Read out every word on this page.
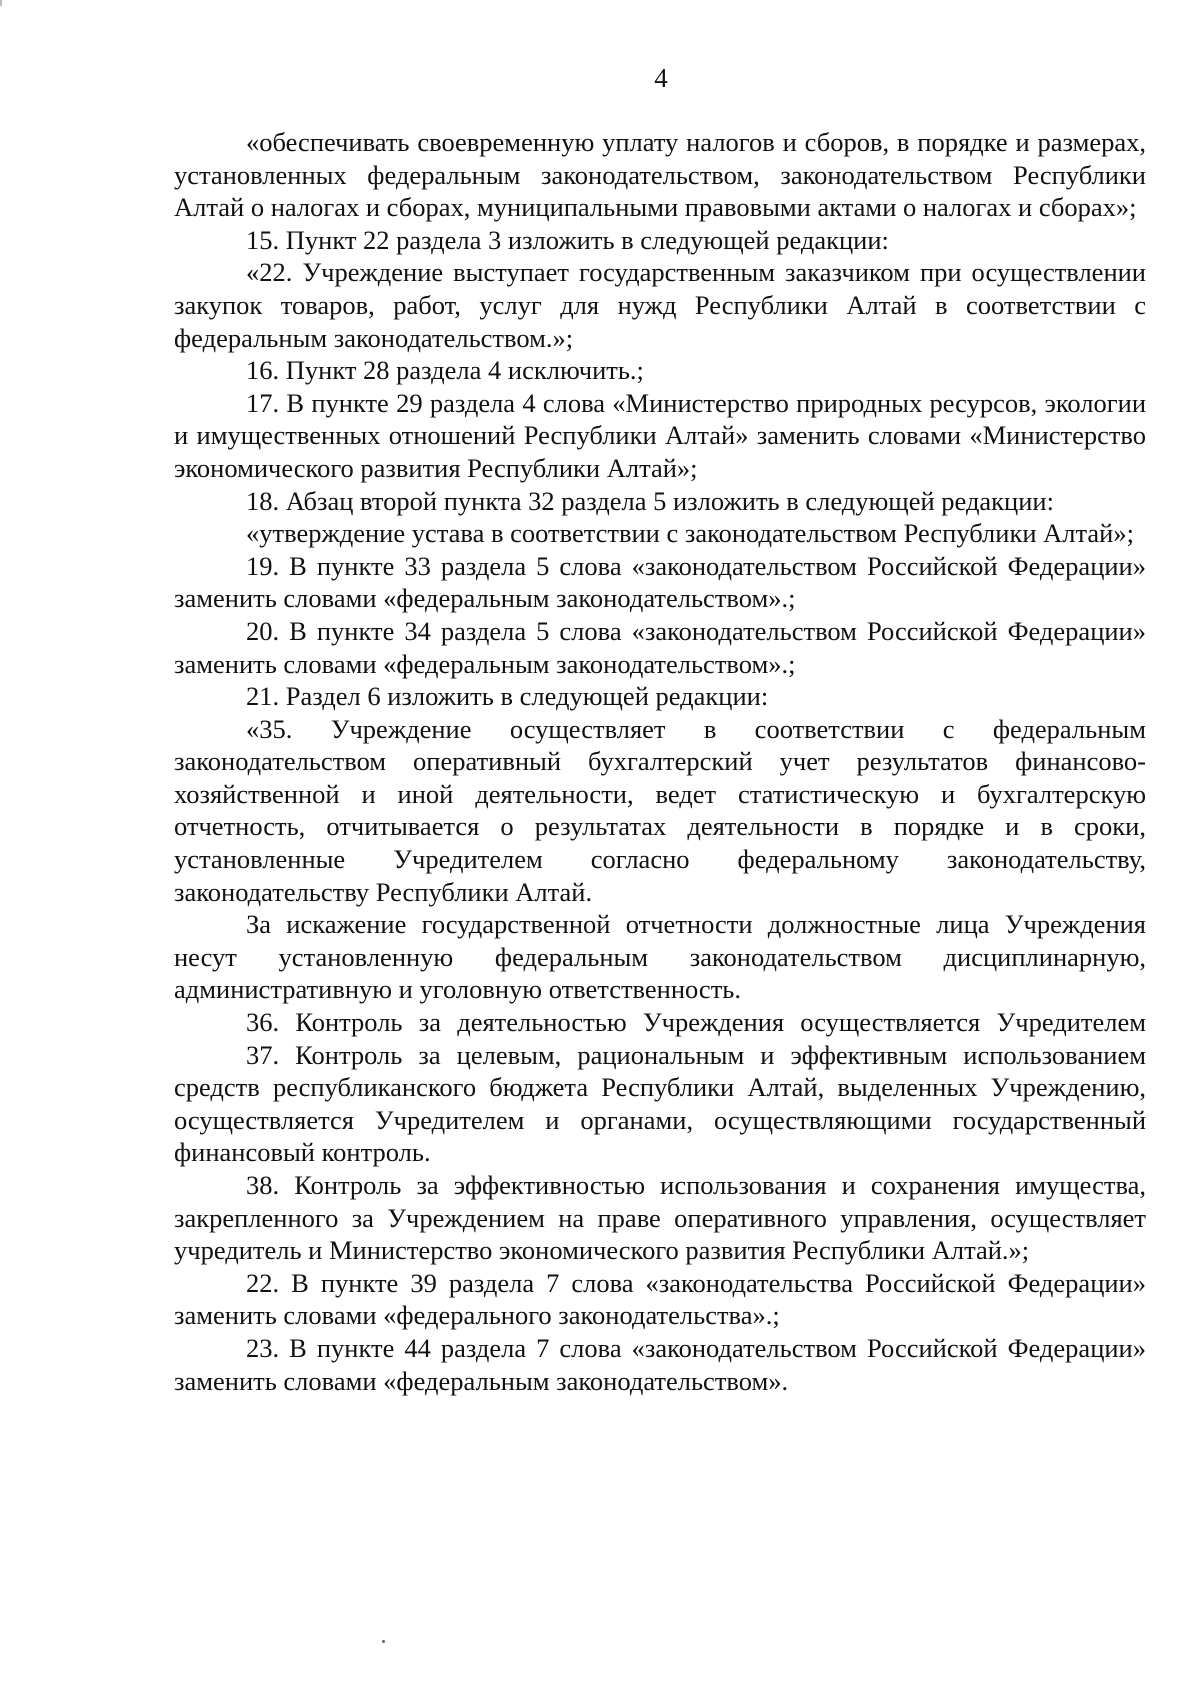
4

«обеспечивать своевременную уплату налогов и сборов, в порядке и размерах, установленных федеральным законодательством, законодательством Республики Алтай о налогах и сборах, муниципальными правовыми актами о налогах и сборах»;

15. Пункт 22 раздела 3 изложить в следующей редакции:

«22. Учреждение выступает государственным заказчиком при осуществлении закупок товаров, работ, услуг для нужд Республики Алтай в соответствии с федеральным законодательством.»;

16. Пункт 28 раздела 4 исключить.;

17. В пункте 29 раздела 4 слова «Министерство природных ресурсов, экологии и имущественных отношений Республики Алтай» заменить словами «Министерство экономического развития Республики Алтай»;

18. Абзац второй пункта 32 раздела 5 изложить в следующей редакции:

«утверждение устава в соответствии с законодательством Республики Алтай»;

19. В пункте 33 раздела 5 слова «законодательством Российской Федерации» заменить словами «федеральным законодательством».;

20. В пункте 34 раздела 5 слова «законодательством Российской Федерации» заменить словами «федеральным законодательством».;

21. Раздел 6 изложить в следующей редакции:

«35. Учреждение осуществляет в соответствии с федеральным законодательством оперативный бухгалтерский учет результатов финансово-хозяйственной и иной деятельности, ведет статистическую и бухгалтерскую отчетность, отчитывается о результатах деятельности в порядке и в сроки, установленные Учредителем согласно федеральному законодательству, законодательству Республики Алтай.

За искажение государственной отчетности должностные лица Учреждения несут установленную федеральным законодательством дисциплинарную, административную и уголовную ответственность.

36. Контроль за деятельностью Учреждения осуществляется Учредителем

37. Контроль за целевым, рациональным и эффективным использованием средств республиканского бюджета Республики Алтай, выделенных Учреждению, осуществляется Учредителем и органами, осуществляющими государственный финансовый контроль.

38. Контроль за эффективностью использования и сохранения имущества, закрепленного за Учреждением на праве оперативного управления, осуществляет учредитель и Министерство экономического развития Республики Алтай.»;

22. В пункте 39 раздела 7 слова «законодательства Российской Федерации» заменить словами «федерального законодательства».;

23. В пункте 44 раздела 7 слова «законодательством Российской Федерации» заменить словами «федеральным законодательством».
